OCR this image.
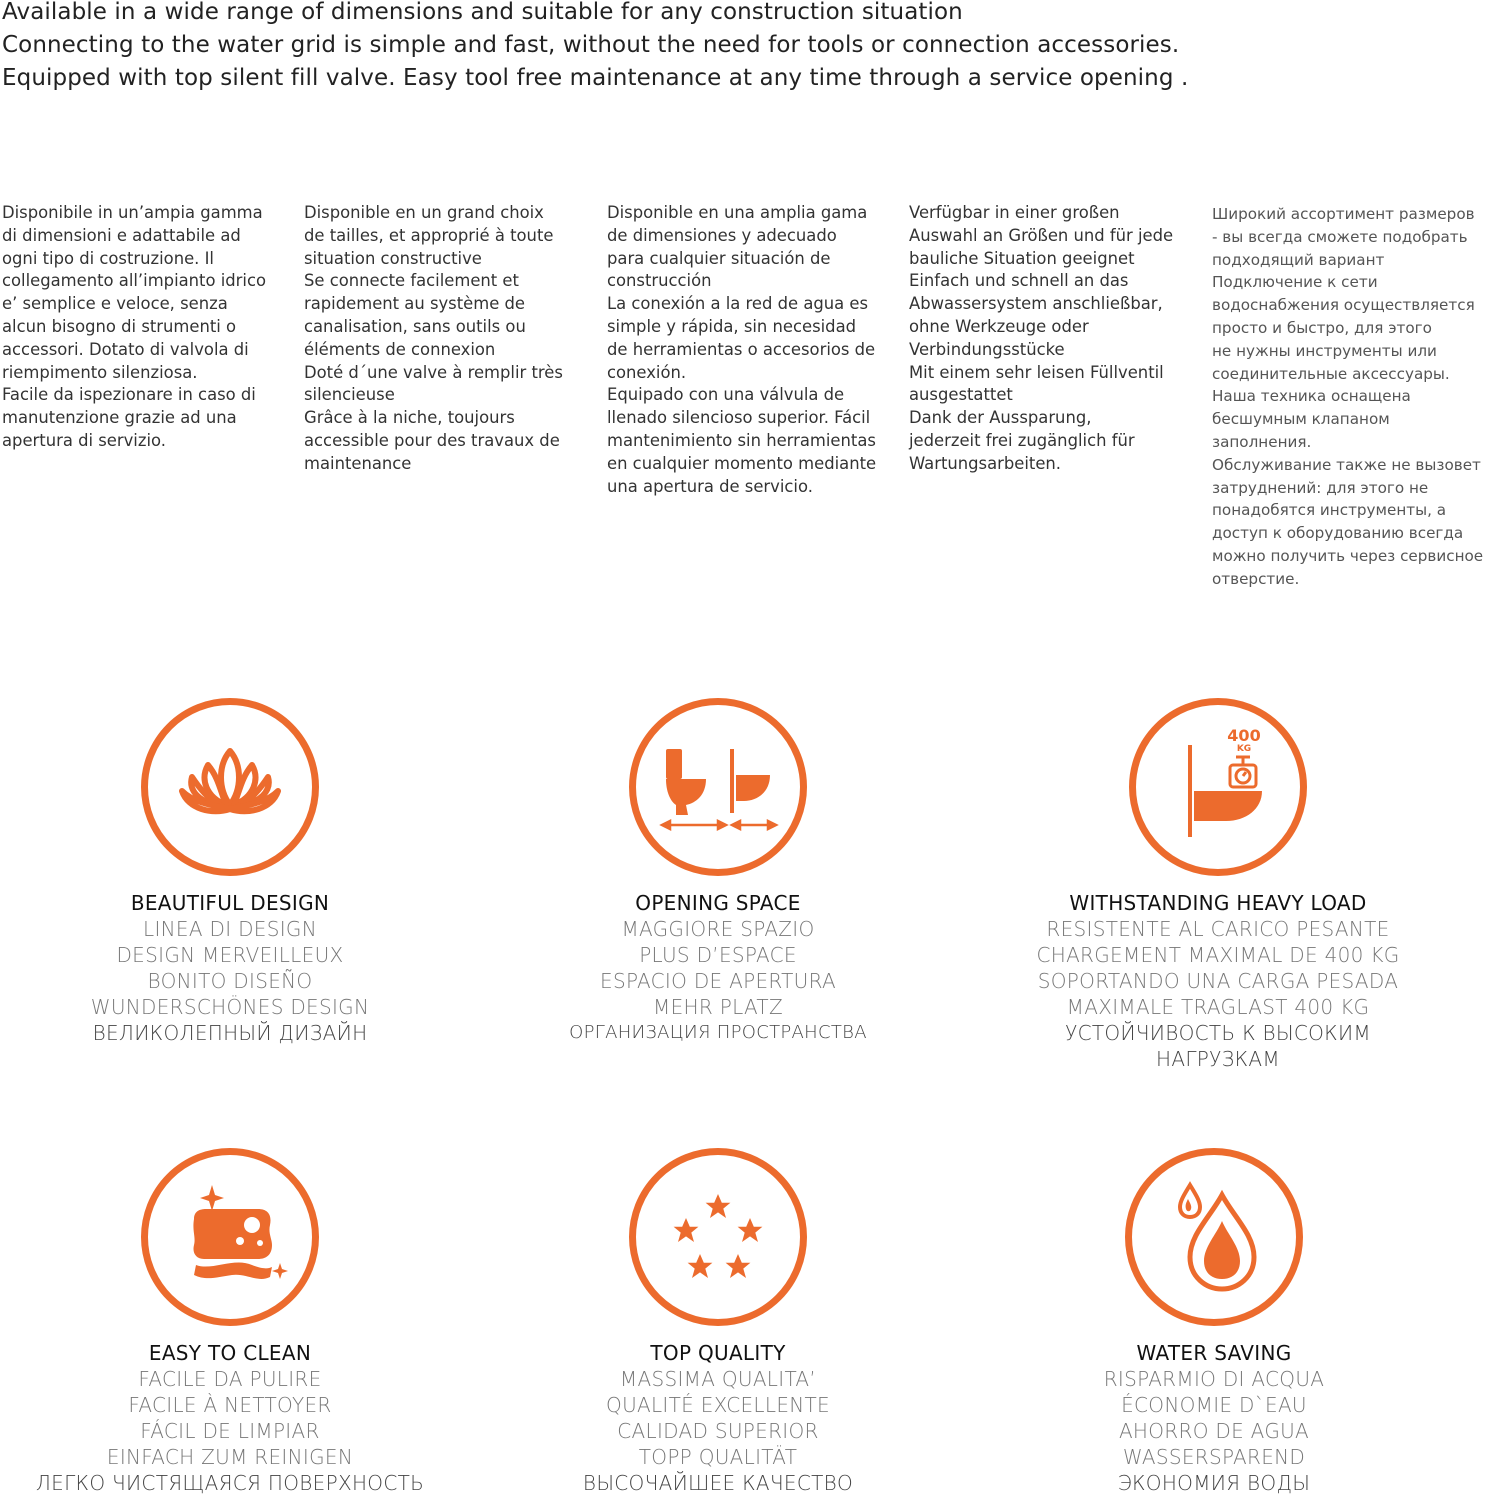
Available in a wide range of dimensions and suitable for any construction situation
Connecting to the water grid is simple and fast, without the need for tools or connection accessories.
Equipped with top silent fill valve. Easy tool free maintenance at any time through a service opening .

Disponibile in un’ampia gamma
di dimensioni e adattabile ad
ogni tipo di costruzione. Il
collegamento all’impianto idrico
e’ semplice e veloce, senza
alcun bisogno di strumenti o
accessori. Dotato di valvola di
riempimento silenziosa.
Facile da ispezionare in caso di
manutenzione grazie ad una
apertura di servizio.

Disponible en un grand choix
de tailles, et approprié à toute
situation constructive
Se connecte facilement et
rapidement au système de
canalisation, sans outils ou
éléments de connexion
Doté d´une valve à remplir très
silencieuse
Grâce à la niche, toujours
accessible pour des travaux de
maintenance

Disponible en una amplia gama
de dimensiones y adecuado
para cualquier situación de
construcción
La conexión a la red de agua es
simple y rápida, sin necesidad
de herramientas o accesorios de
conexión.
Equipado con una válvula de
llenado silencioso superior. Fácil
mantenimiento sin herramientas
en cualquier momento mediante
una apertura de servicio.

Verfügbar in einer großen
Auswahl an Größen und für jede
bauliche Situation geeignet
Einfach und schnell an das
Abwassersystem anschließbar,
ohne Werkzeuge oder
Verbindungsstücke
Mit einem sehr leisen Füllventil
ausgestattet
Dank der Aussparung,
jederzeit frei zugänglich für
Wartungsarbeiten.

Широкий ассортимент размеров
- вы всегда сможете подобрать
подходящий вариант
Подключение к сети
водоснабжения осуществляется
просто и быстро, для этого
не нужны инструменты или
соединительные аксессуары.
Наша техника оснащена
бесшумным клапаном заполнения.
Обслуживание также не вызовет
затруднений: для этого не
понадобятся инструменты, а
доступ к оборудованию всегда
можно получить через сервисное
отверстие.

BEAUTIFUL DESIGN
LINEA DI DESIGN
DESIGN MERVEILLEUX
BONITO DISEÑO
WUNDERSCHÖNES DESIGN
ВЕЛИКОЛЕПНЫЙ ДИЗАЙН
OPENING SPACE
MAGGIORE SPAZIO
PLUS D’ESPACE
ESPACIO DE APERTURA
MEHR PLATZ
ОРГАНИЗАЦИЯ ПРОСТРАНСТВА
400
KG
WITHSTANDING HEAVY LOAD
RESISTENTE AL CARICO PESANTE
CHARGEMENT MAXIMAL DE 400 KG
SOPORTANDO UNA CARGA PESADA
MAXIMALE TRAGLAST 400 KG
УСТОЙЧИВОСТЬ К ВЫСОКИМ
НАГРУЗКАМ
EASY TO CLEAN
FACILE DA PULIRE
FACILE À NETTOYER
FÁCIL DE LIMPIAR
EINFACH ZUM REINIGEN
ЛЕГКО ЧИСТЯЩАЯСЯ ПОВЕРХНОСТЬ
TOP QUALITY
MASSIMA QUALITA’
QUALITÉ EXCELLENTE
CALIDAD SUPERIOR
TOPP QUALITÄT
ВЫСОЧАЙШЕЕ КАЧЕСТВО
WATER SAVING
RISPARMIO DI ACQUA
ÉCONOMIE D`EAU
AHORRO DE AGUA
WASSERSPAREND
ЭКОНОМИЯ ВОДЫ
